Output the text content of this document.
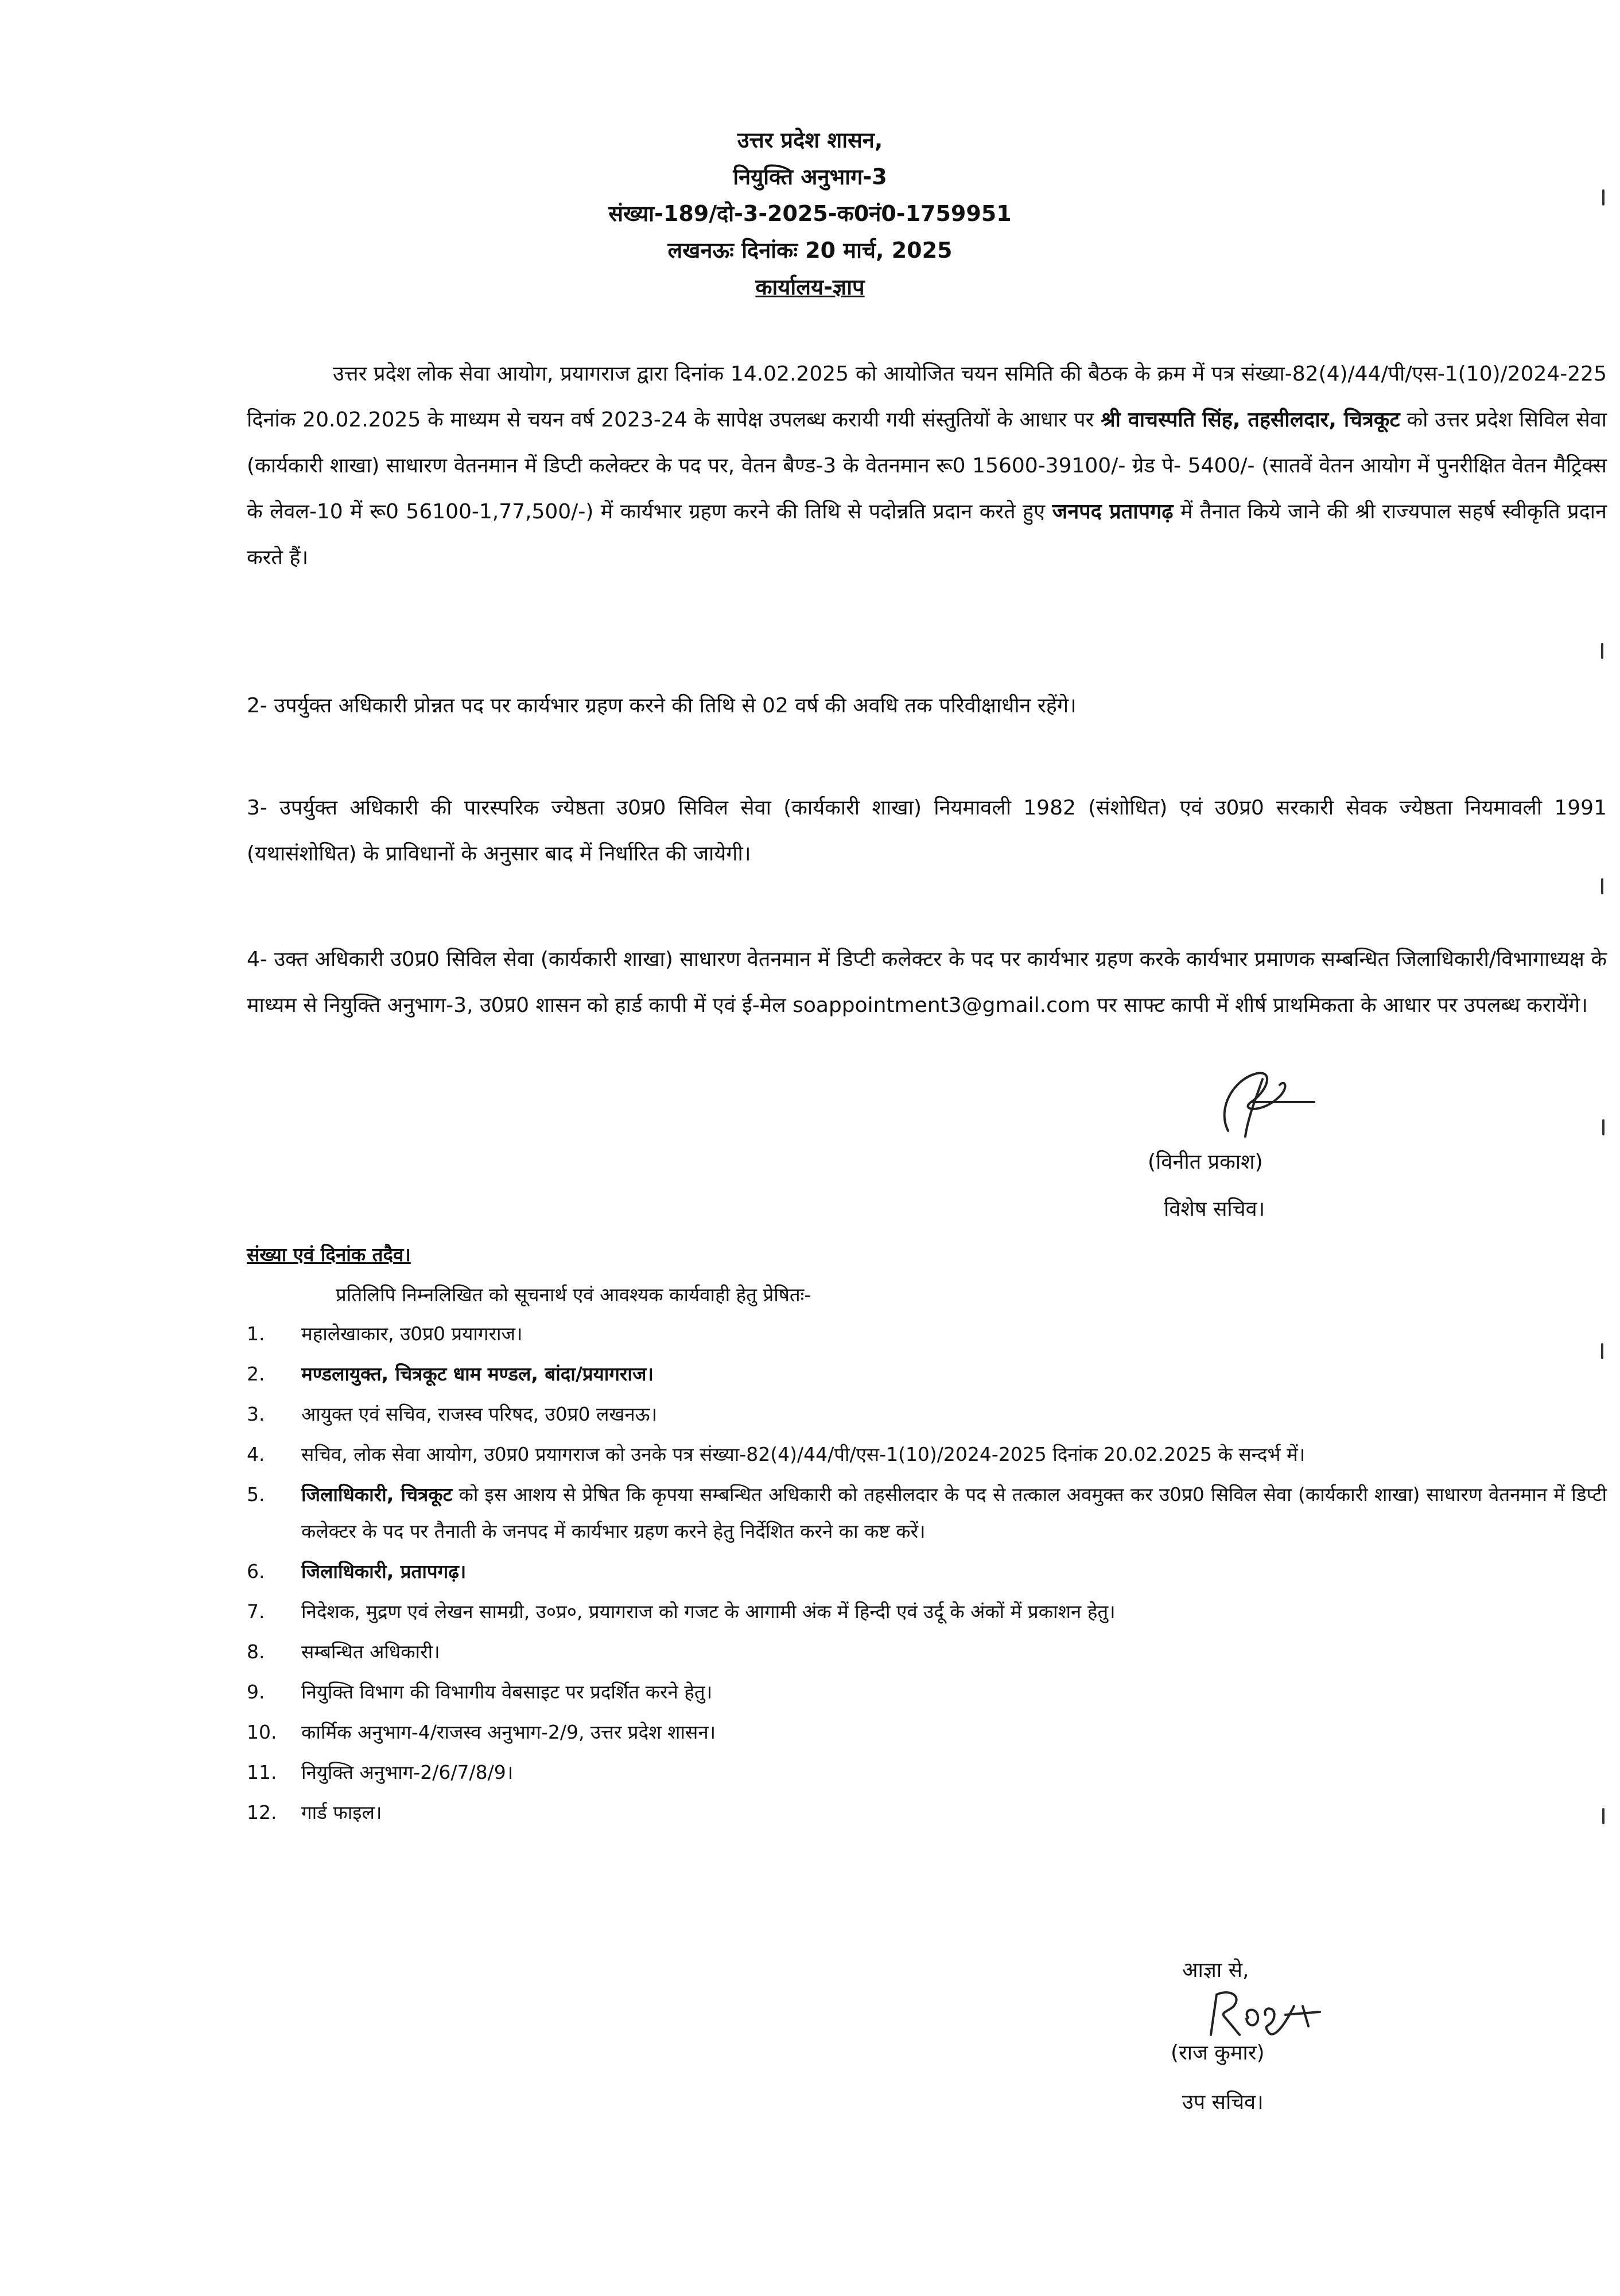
उत्तर प्रदेश शासन,
नियुक्ति अनुभाग-3
संख्या-189/दो-3-2025-क0नं0-1759951
लखनऊः दिनांकः 20 मार्च, 2025
कार्यालय-ज्ञाप
उत्तर प्रदेश लोक सेवा आयोग, प्रयागराज द्वारा दिनांक 14.02.2025 को आयोजित चयन समिति की बैठक के क्रम में पत्र संख्या-82(4)/44/पी/एस-1(10)/2024-225 दिनांक 20.02.2025 के माध्यम से चयन वर्ष 2023-24 के सापेक्ष उपलब्ध करायी गयी संस्तुतियों के आधार पर श्री वाचस्पति सिंह, तहसीलदार, चित्रकूट को उत्तर प्रदेश सिविल सेवा (कार्यकारी शाखा) साधारण वेतनमान में डिप्टी कलेक्टर के पद पर, वेतन बैण्ड-3 के वेतनमान रू0 15600-39100/- ग्रेड पे- 5400/- (सातवें वेतन आयोग में पुनरीक्षित वेतन मैट्रिक्स के लेवल-10 में रू0 56100-1,77,500/-) में कार्यभार ग्रहण करने की तिथि से पदोन्नति प्रदान करते हुए जनपद प्रतापगढ़ में तैनात किये जाने की श्री राज्यपाल सहर्ष स्वीकृति प्रदान करते हैं।
2- उपर्युक्त अधिकारी प्रोन्नत पद पर कार्यभार ग्रहण करने की तिथि से 02 वर्ष की अवधि तक परिवीक्षाधीन रहेंगे।
3- उपर्युक्त अधिकारी की पारस्परिक ज्येष्ठता उ0प्र0 सिविल सेवा (कार्यकारी शाखा) नियमावली 1982 (संशोधित) एवं उ0प्र0 सरकारी सेवक ज्येष्ठता नियमावली 1991 (यथासंशोधित) के प्राविधानों के अनुसार बाद में निर्धारित की जायेगी।
4- उक्त अधिकारी उ0प्र0 सिविल सेवा (कार्यकारी शाखा) साधारण वेतनमान में डिप्टी कलेक्टर के पद पर कार्यभार ग्रहण करके कार्यभार प्रमाणक सम्बन्धित जिलाधिकारी/विभागाध्यक्ष के माध्यम से नियुक्ति अनुभाग-3, उ0प्र0 शासन को हार्ड कापी में एवं ई-मेल soappointment3@gmail.com पर साफ्ट कापी में शीर्ष प्राथमिकता के आधार पर उपलब्ध करायेंगे।
(विनीत प्रकाश)
विशेष सचिव।
संख्या एवं दिनांक तदैव।
प्रतिलिपि निम्नलिखित को सूचनार्थ एवं आवश्यक कार्यवाही हेतु प्रेषितः-
1.	महालेखाकार, उ0प्र0 प्रयागराज।
2.	मण्डलायुक्त, चित्रकूट धाम मण्डल, बांदा/प्रयागराज।
3.	आयुक्त एवं सचिव, राजस्व परिषद, उ0प्र0 लखनऊ।
4.	सचिव, लोक सेवा आयोग, उ0प्र0 प्रयागराज को उनके पत्र संख्या-82(4)/44/पी/एस-1(10)/2024-2025 दिनांक 20.02.2025 के सन्दर्भ में।
5.	जिलाधिकारी, चित्रकूट को इस आशय से प्रेषित कि कृपया सम्बन्धित अधिकारी को तहसीलदार के पद से तत्काल अवमुक्त कर उ0प्र0 सिविल सेवा (कार्यकारी शाखा) साधारण वेतनमान में डिप्टी कलेक्टर के पद पर तैनाती के जनपद में कार्यभार ग्रहण करने हेतु निर्देशित करने का कष्ट करें।
6.	जिलाधिकारी, प्रतापगढ़।
7.	निदेशक, मुद्रण एवं लेखन सामग्री, उ०प्र०, प्रयागराज को गजट के आगामी अंक में हिन्दी एवं उर्दू के अंकों में प्रकाशन हेतु।
8.	सम्बन्धित अधिकारी।
9.	नियुक्ति विभाग की विभागीय वेबसाइट पर प्रदर्शित करने हेतु।
10.	कार्मिक अनुभाग-4/राजस्व अनुभाग-2/9, उत्तर प्रदेश शासन।
11.	नियुक्ति अनुभाग-2/6/7/8/9।
12.	गार्ड फाइल।
आज्ञा से,
(राज कुमार)
उप सचिव।
